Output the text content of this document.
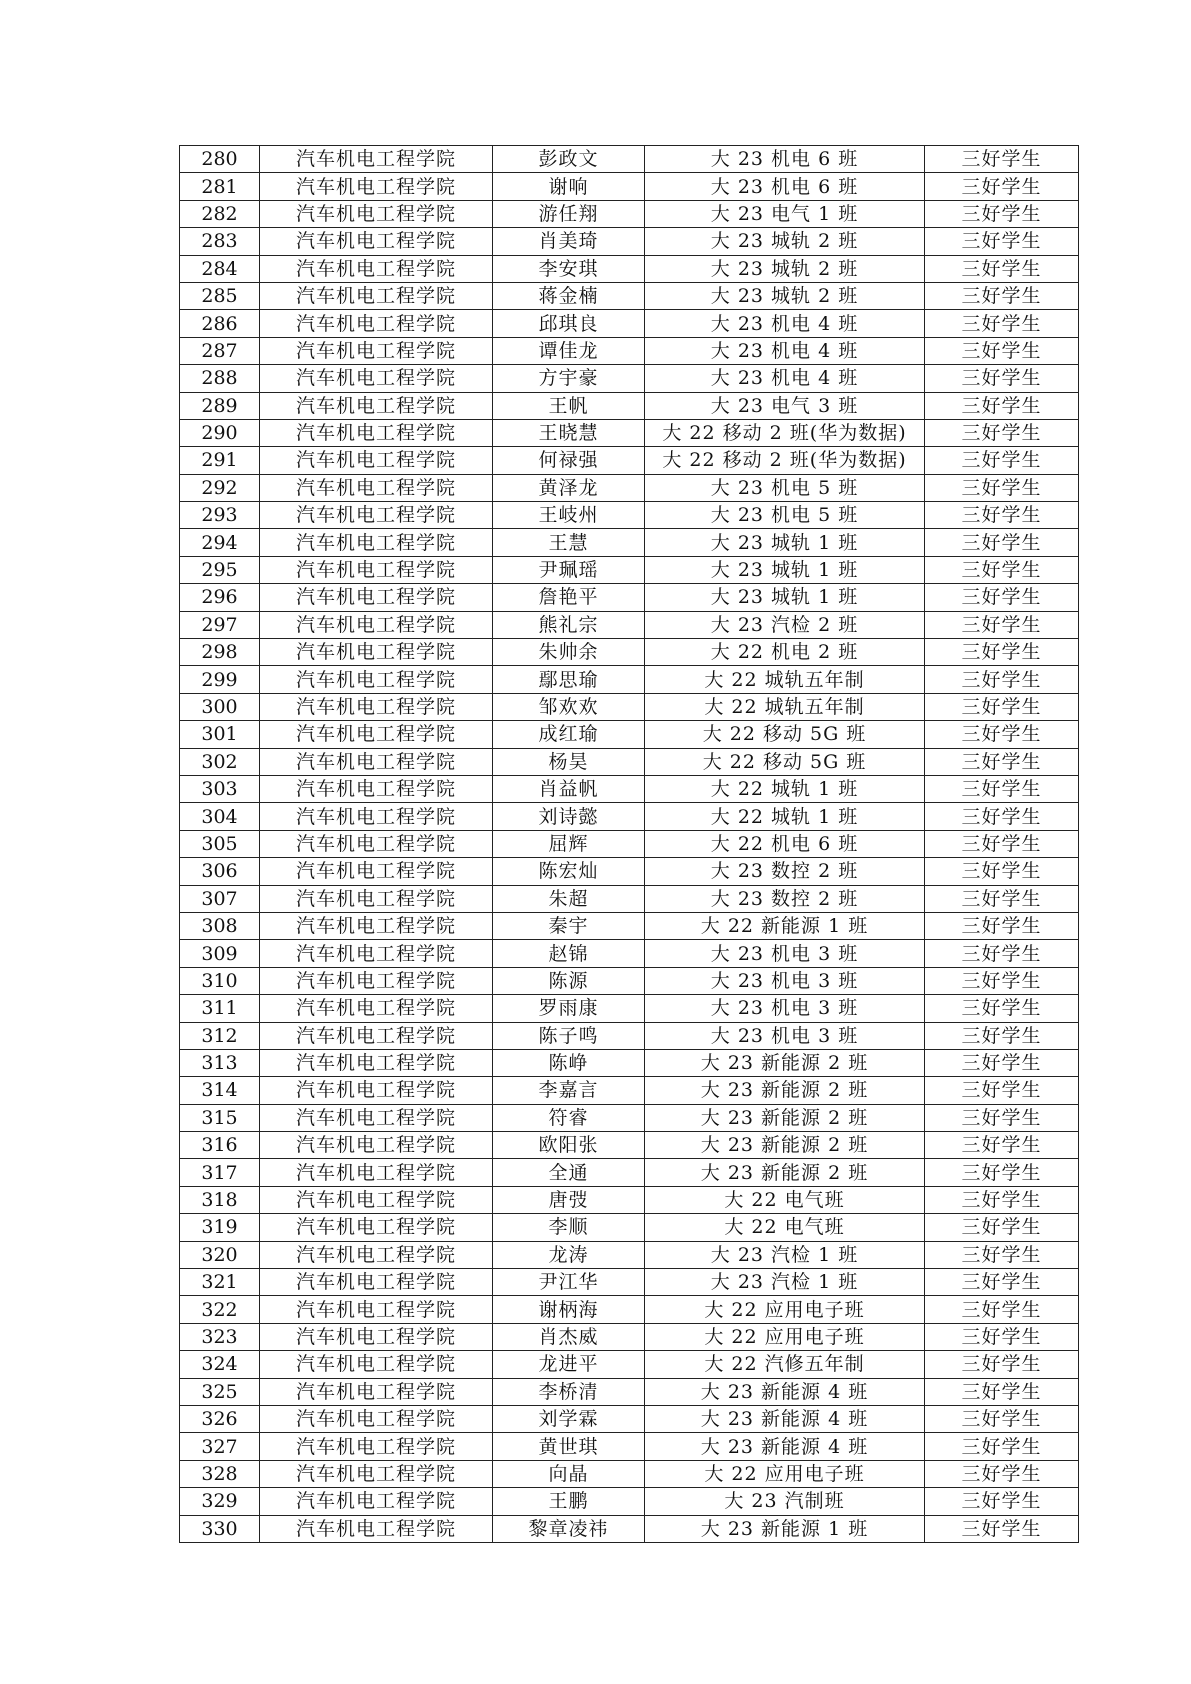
280	汽车机电工程学院	彭政文	大 23 机电 6 班	三好学生
281	汽车机电工程学院	谢响	大 23 机电 6 班	三好学生
282	汽车机电工程学院	游任翔	大 23 电气 1 班	三好学生
283	汽车机电工程学院	肖美琦	大 23 城轨 2 班	三好学生
284	汽车机电工程学院	李安琪	大 23 城轨 2 班	三好学生
285	汽车机电工程学院	蒋金楠	大 23 城轨 2 班	三好学生
286	汽车机电工程学院	邱琪良	大 23 机电 4 班	三好学生
287	汽车机电工程学院	谭佳龙	大 23 机电 4 班	三好学生
288	汽车机电工程学院	方宇豪	大 23 机电 4 班	三好学生
289	汽车机电工程学院	王帆	大 23 电气 3 班	三好学生
290	汽车机电工程学院	王晓慧	大 22 移动 2 班(华为数据)	三好学生
291	汽车机电工程学院	何禄强	大 22 移动 2 班(华为数据)	三好学生
292	汽车机电工程学院	黄泽龙	大 23 机电 5 班	三好学生
293	汽车机电工程学院	王岐州	大 23 机电 5 班	三好学生
294	汽车机电工程学院	王慧	大 23 城轨 1 班	三好学生
295	汽车机电工程学院	尹珮瑶	大 23 城轨 1 班	三好学生
296	汽车机电工程学院	詹艳平	大 23 城轨 1 班	三好学生
297	汽车机电工程学院	熊礼宗	大 23 汽检 2 班	三好学生
298	汽车机电工程学院	朱帅余	大 22 机电 2 班	三好学生
299	汽车机电工程学院	鄢思瑜	大 22 城轨五年制	三好学生
300	汽车机电工程学院	邹欢欢	大 22 城轨五年制	三好学生
301	汽车机电工程学院	成红瑜	大 22 移动 5G 班	三好学生
302	汽车机电工程学院	杨昊	大 22 移动 5G 班	三好学生
303	汽车机电工程学院	肖益帆	大 22 城轨 1 班	三好学生
304	汽车机电工程学院	刘诗懿	大 22 城轨 1 班	三好学生
305	汽车机电工程学院	屈辉	大 22 机电 6 班	三好学生
306	汽车机电工程学院	陈宏灿	大 23 数控 2 班	三好学生
307	汽车机电工程学院	朱超	大 23 数控 2 班	三好学生
308	汽车机电工程学院	秦宇	大 22 新能源 1 班	三好学生
309	汽车机电工程学院	赵锦	大 23 机电 3 班	三好学生
310	汽车机电工程学院	陈源	大 23 机电 3 班	三好学生
311	汽车机电工程学院	罗雨康	大 23 机电 3 班	三好学生
312	汽车机电工程学院	陈子鸣	大 23 机电 3 班	三好学生
313	汽车机电工程学院	陈峥	大 23 新能源 2 班	三好学生
314	汽车机电工程学院	李嘉言	大 23 新能源 2 班	三好学生
315	汽车机电工程学院	符睿	大 23 新能源 2 班	三好学生
316	汽车机电工程学院	欧阳张	大 23 新能源 2 班	三好学生
317	汽车机电工程学院	全通	大 23 新能源 2 班	三好学生
318	汽车机电工程学院	唐弢	大 22 电气班	三好学生
319	汽车机电工程学院	李顺	大 22 电气班	三好学生
320	汽车机电工程学院	龙涛	大 23 汽检 1 班	三好学生
321	汽车机电工程学院	尹江华	大 23 汽检 1 班	三好学生
322	汽车机电工程学院	谢柄海	大 22 应用电子班	三好学生
323	汽车机电工程学院	肖杰威	大 22 应用电子班	三好学生
324	汽车机电工程学院	龙进平	大 22 汽修五年制	三好学生
325	汽车机电工程学院	李桥清	大 23 新能源 4 班	三好学生
326	汽车机电工程学院	刘学霖	大 23 新能源 4 班	三好学生
327	汽车机电工程学院	黄世琪	大 23 新能源 4 班	三好学生
328	汽车机电工程学院	向晶	大 22 应用电子班	三好学生
329	汽车机电工程学院	王鹏	大 23 汽制班	三好学生
330	汽车机电工程学院	黎章凌祎	大 23 新能源 1 班	三好学生
